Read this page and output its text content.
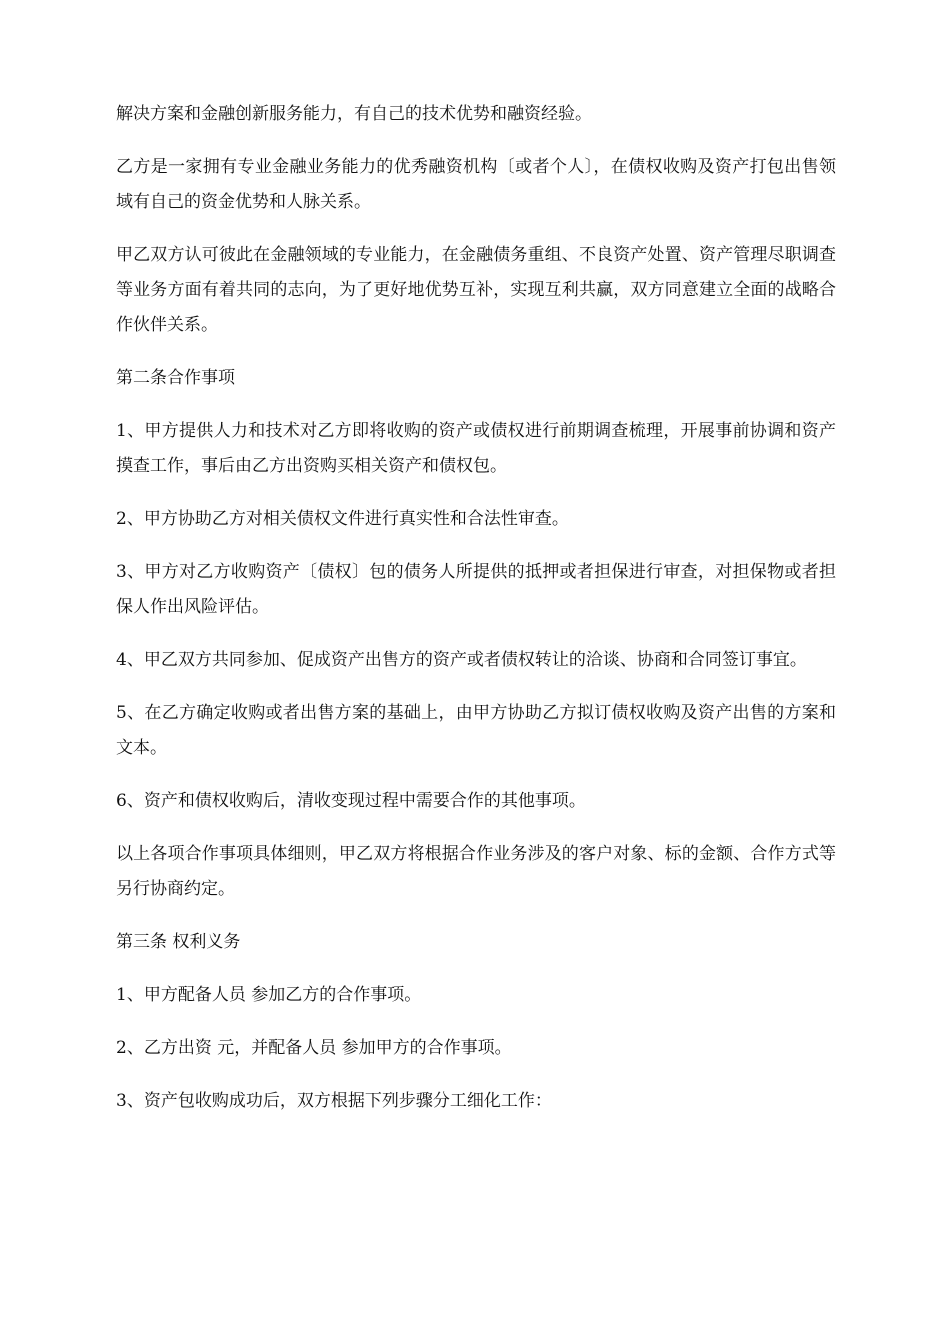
解决方案和金融创新服务能力，有自己的技术优势和融资经验。

乙方是一家拥有专业金融业务能力的优秀融资机构〔或者个人〕，在债权收购及资产打包出售领域有自己的资金优势和人脉关系。

甲乙双方认可彼此在金融领域的专业能力，在金融债务重组、不良资产处置、资产管理尽职调查等业务方面有着共同的志向，为了更好地优势互补，实现互利共赢，双方同意建立全面的战略合作伙伴关系。

第二条合作事项

1、甲方提供人力和技术对乙方即将收购的资产或债权进行前期调查梳理，开展事前协调和资产摸查工作，事后由乙方出资购买相关资产和债权包。

2、甲方协助乙方对相关债权文件进行真实性和合法性审查。

3、甲方对乙方收购资产〔债权〕包的债务人所提供的抵押或者担保进行审查，对担保物或者担保人作出风险评估。

4、甲乙双方共同参加、促成资产出售方的资产或者债权转让的洽谈、协商和合同签订事宜。

5、在乙方确定收购或者出售方案的基础上，由甲方协助乙方拟订债权收购及资产出售的方案和文本。

6、资产和债权收购后，清收变现过程中需要合作的其他事项。

以上各项合作事项具体细则，甲乙双方将根据合作业务涉及的客户对象、标的金额、合作方式等另行协商约定。

第三条 权利义务

1、甲方配备人员 参加乙方的合作事项。

2、乙方出资 元，并配备人员 参加甲方的合作事项。

3、资产包收购成功后，双方根据下列步骤分工细化工作：
